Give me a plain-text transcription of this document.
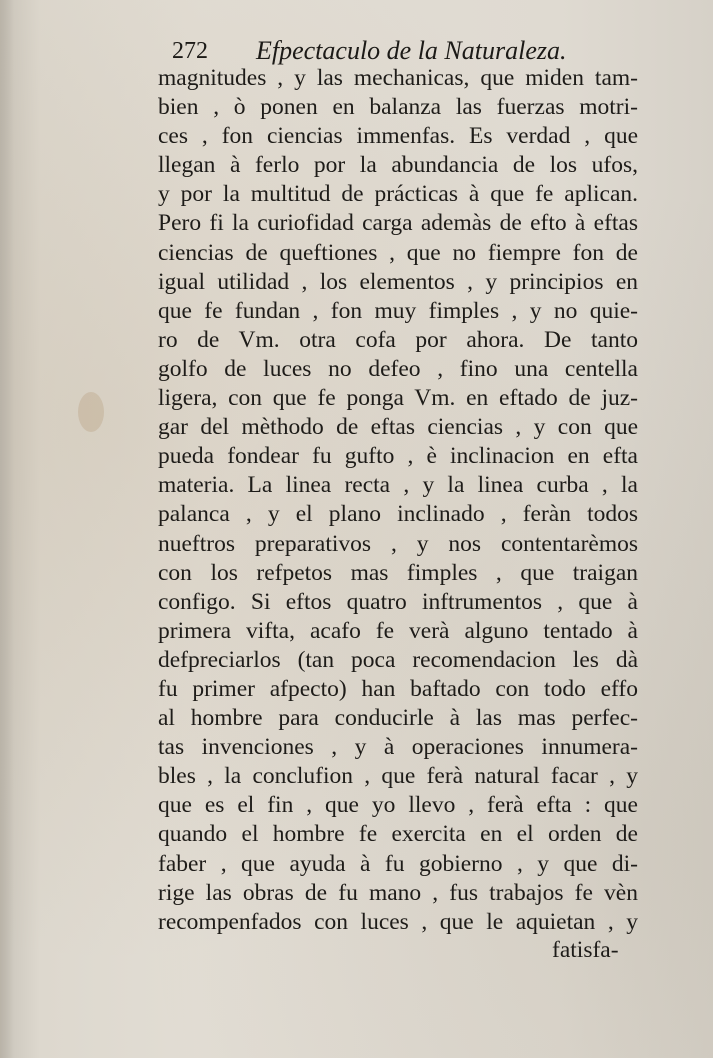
272 Efpectaculo de la Naturaleza.
magnitudes , y las mechanicas, que miden tam-
bien , ò ponen en balanza las fuerzas motri-
ces , fon ciencias immenfas. Es verdad , que
llegan à ferlo por la abundancia de los ufos,
y por la multitud de prácticas à que fe aplican.
Pero fi la curiofidad carga ademàs de efto à eftas
ciencias de queftiones , que no fiempre fon de
igual utilidad , los elementos , y principios en
que fe fundan , fon muy fimples , y no quie-
ro de Vm. otra cofa por ahora. De tanto
golfo de luces no defeo , fino una centella
ligera, con que fe ponga Vm. en eftado de juz-
gar del mèthodo de eftas ciencias , y con que
pueda fondear fu gufto , è inclinacion en efta
materia. La linea recta , y la linea curba , la
palanca , y el plano inclinado , feràn todos
nueftros preparativos , y nos contentarèmos
con los refpetos mas fimples , que traigan
configo. Si eftos quatro inftrumentos , que à
primera vifta, acafo fe verà alguno tentado à
defpreciarlos (tan poca recomendacion les dà
fu primer afpecto) han baftado con todo effo
al hombre para conducirle à las mas perfec-
tas invenciones , y à operaciones innumera-
bles , la conclufion , que ferà natural facar , y
que es el fin , que yo llevo , ferà efta : que
quando el hombre fe exercita en el orden de
faber , que ayuda à fu gobierno , y que di-
rige las obras de fu mano , fus trabajos fe vèn
recompenfados con luces , que le aquietan , y
fatisfa-
